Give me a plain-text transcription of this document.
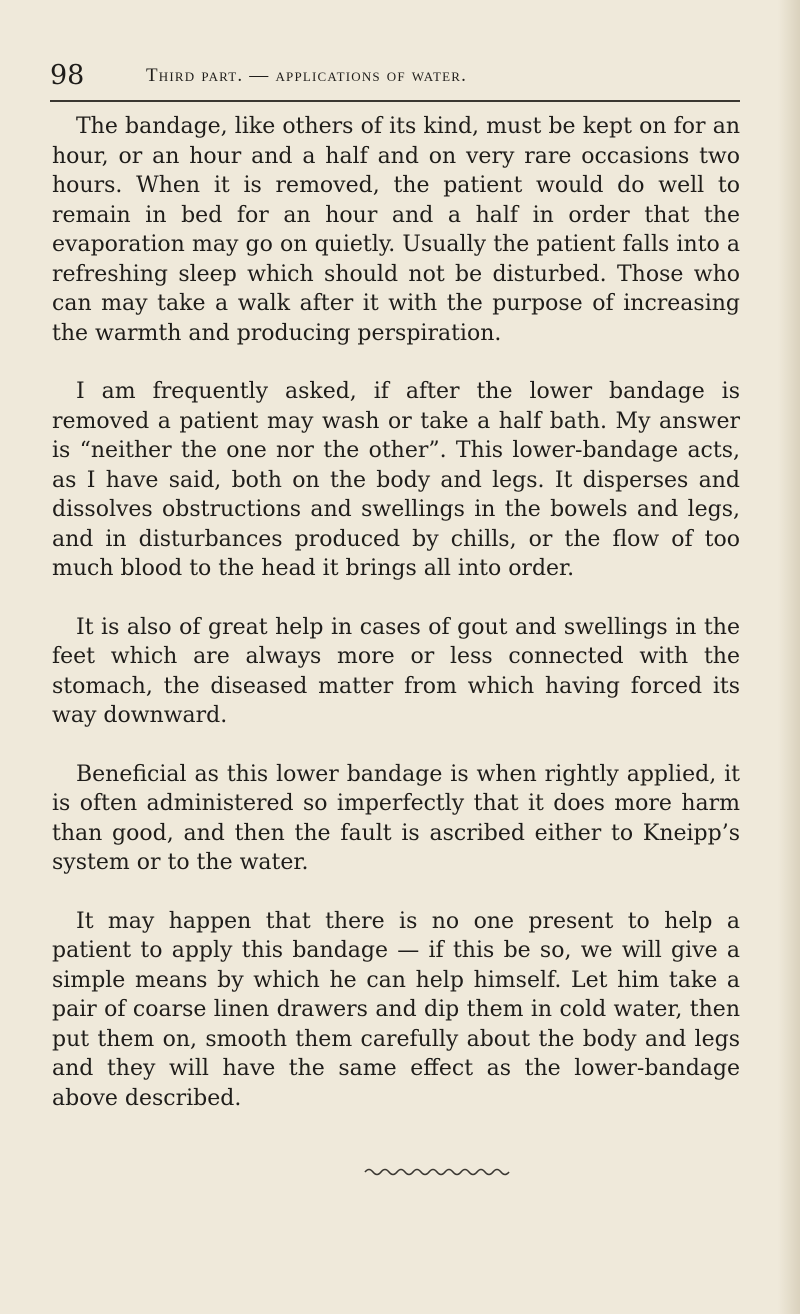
98	Third part. — applications of water.

The bandage, like others of its kind, must be kept on for an hour, or an hour and a half and on very rare occasions two hours. When it is removed, the patient would do well to remain in bed for an hour and a half in order that the evaporation may go on quietly. Usually the patient falls into a refreshing sleep which should not be disturbed. Those who can may take a walk after it with the purpose of increasing the warmth and producing perspiration.

I am frequently asked, if after the lower bandage is removed a patient may wash or take a half bath. My answer is “neither the one nor the other”. This lower-bandage acts, as I have said, both on the body and legs. It disperses and dissolves obstructions and swellings in the bowels and legs, and in disturbances produced by chills, or the flow of too much blood to the head it brings all into order.

It is also of great help in cases of gout and swellings in the feet which are always more or less connected with the stomach, the diseased matter from which having forced its way downward.

Beneficial as this lower bandage is when rightly applied, it is often administered so imperfectly that it does more harm than good, and then the fault is ascribed either to Kneipp’s system or to the water.

It may happen that there is no one present to help a patient to apply this bandage — if this be so, we will give a simple means by which he can help himself. Let him take a pair of coarse linen drawers and dip them in cold water, then put them on, smooth them carefully about the body and legs and they will have the same effect as the lower-bandage above described.
